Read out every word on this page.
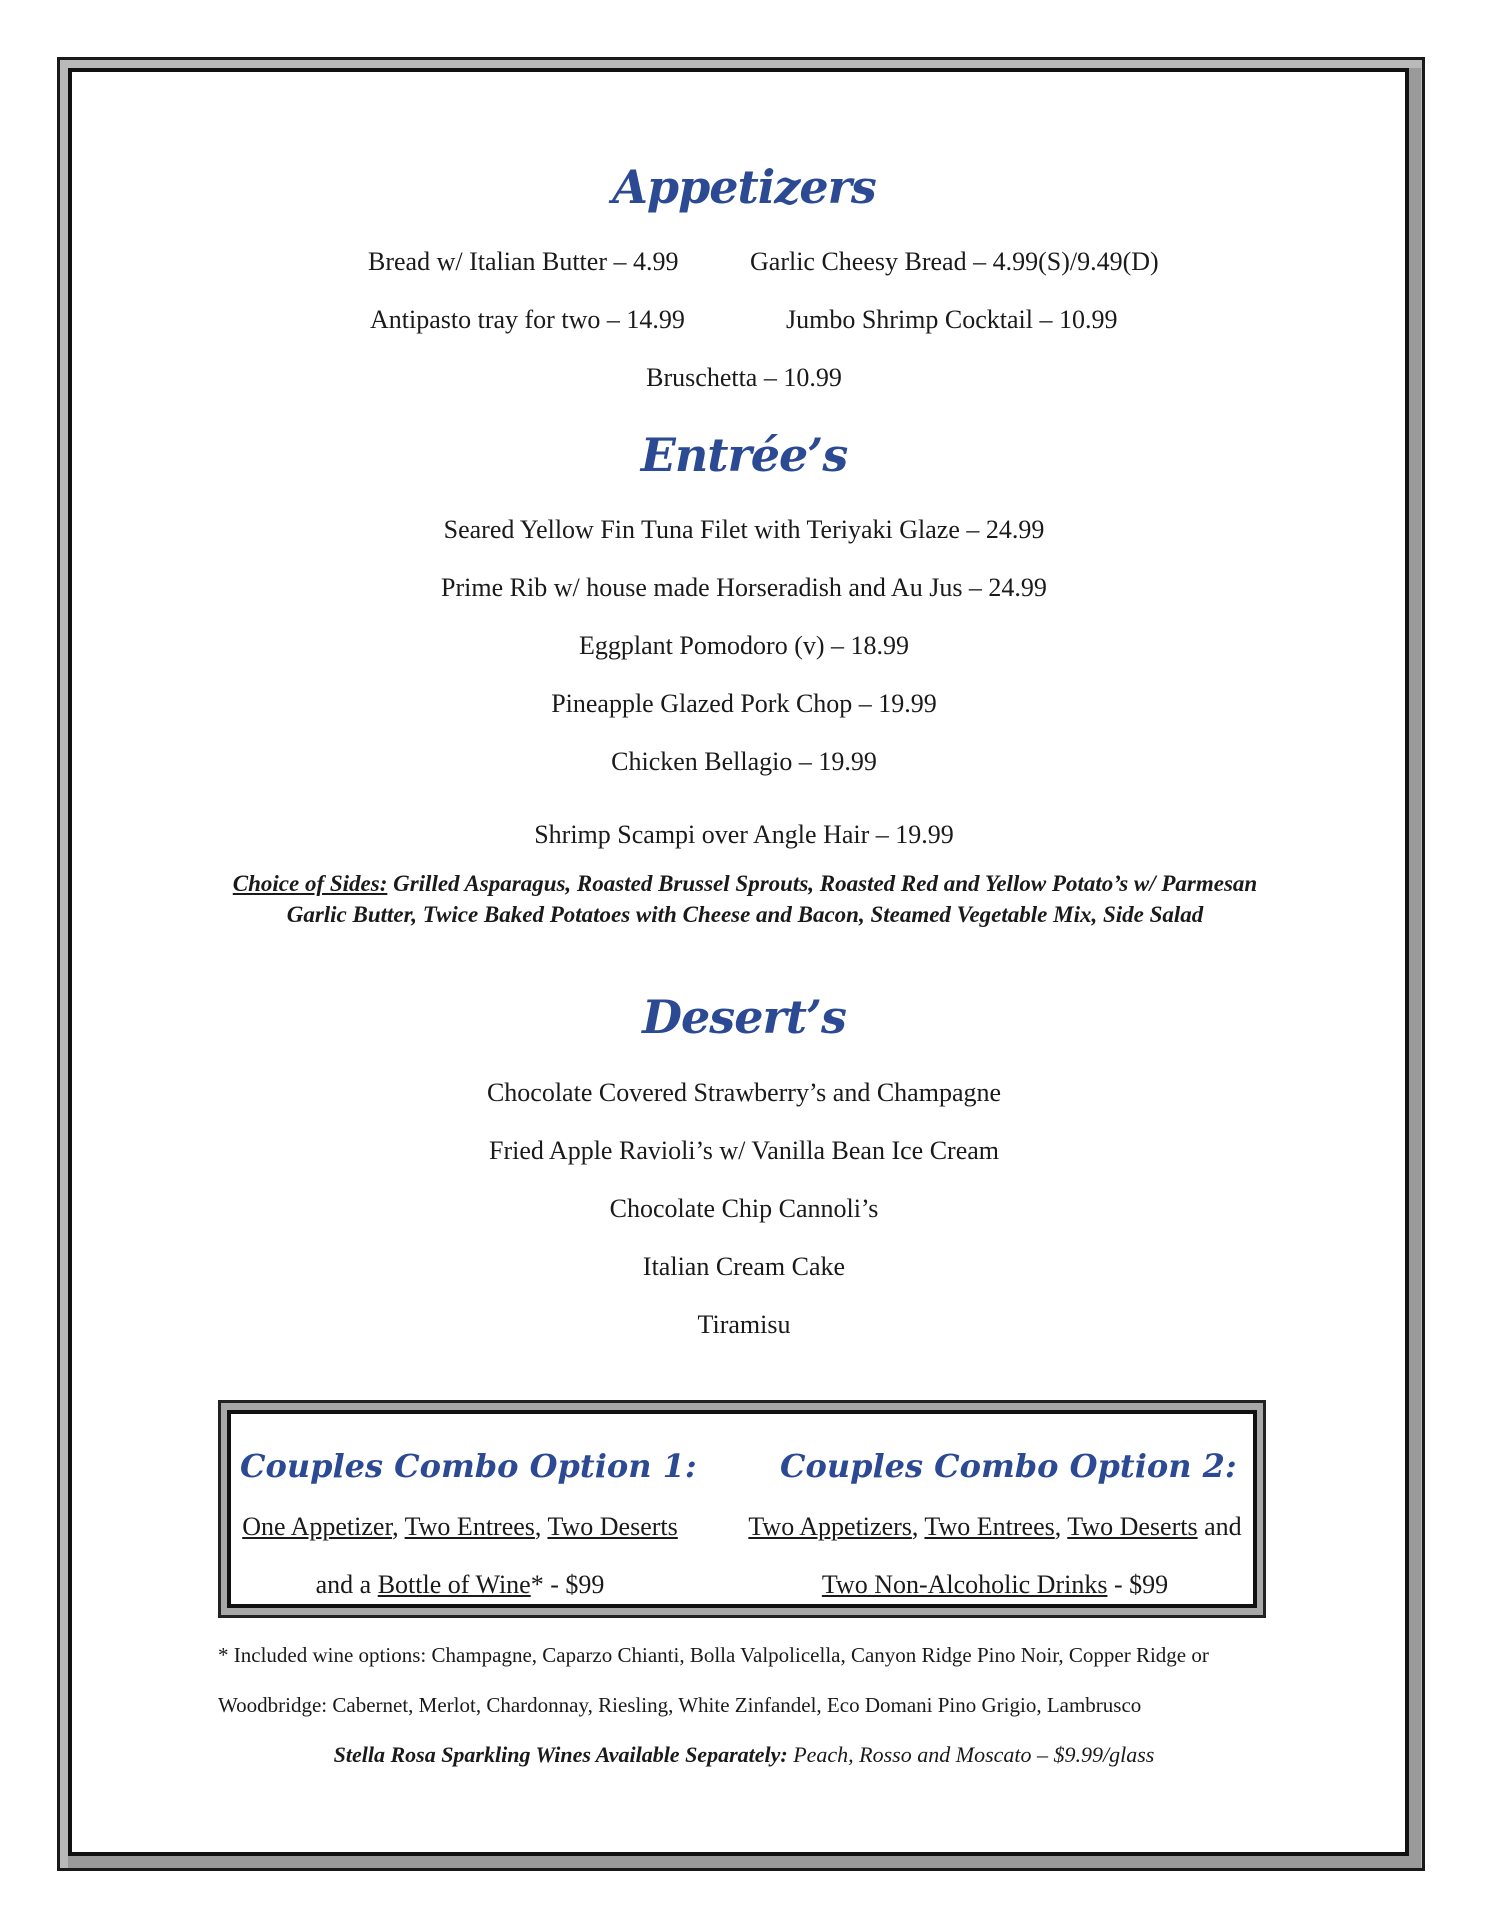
Appetizers
Bread w/ Italian Butter – 4.99	Garlic Cheesy Bread – 4.99(S)/9.49(D)
Antipasto tray for two – 14.99	Jumbo Shrimp Cocktail – 10.99
Bruschetta – 10.99
Entrée’s
Seared Yellow Fin Tuna Filet with Teriyaki Glaze – 24.99
Prime Rib w/ house made Horseradish and Au Jus – 24.99
Eggplant Pomodoro (v) – 18.99
Pineapple Glazed Pork Chop – 19.99
Chicken Bellagio – 19.99
Shrimp Scampi over Angle Hair – 19.99
Choice of Sides: Grilled Asparagus, Roasted Brussel Sprouts, Roasted Red and Yellow Potato’s w/ Parmesan Garlic Butter, Twice Baked Potatoes with Cheese and Bacon, Steamed Vegetable Mix, Side Salad
Desert’s
Chocolate Covered Strawberry’s and Champagne
Fried Apple Ravioli’s w/ Vanilla Bean Ice Cream
Chocolate Chip Cannoli’s
Italian Cream Cake
Tiramisu
Couples Combo Option 1:
One Appetizer, Two Entrees, Two Deserts
and a Bottle of Wine* - $99
Couples Combo Option 2:
Two Appetizers, Two Entrees, Two Deserts and
Two Non-Alcoholic Drinks - $99
* Included wine options: Champagne, Caparzo Chianti, Bolla Valpolicella, Canyon Ridge Pino Noir, Copper Ridge or
Woodbridge: Cabernet, Merlot, Chardonnay, Riesling, White Zinfandel, Eco Domani Pino Grigio, Lambrusco
Stella Rosa Sparkling Wines Available Separately: Peach, Rosso and Moscato – $9.99/glass
